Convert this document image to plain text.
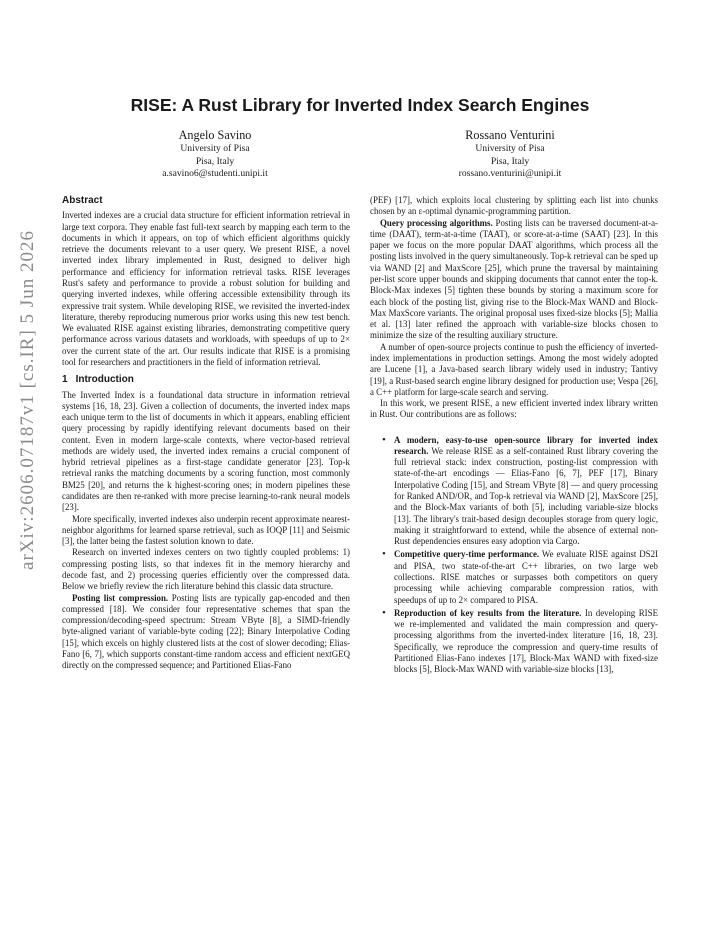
arXiv:2606.07187v1 [cs.IR] 5 Jun 2026
RISE: A Rust Library for Inverted Index Search Engines
Angelo Savino
University of Pisa
Pisa, Italy
a.savino6@studenti.unipi.it
Rossano Venturini
University of Pisa
Pisa, Italy
rossano.venturini@unipi.it
Abstract

Inverted indexes are a crucial data structure for efficient information retrieval in large text corpora. They enable fast full-text search by mapping each term to the documents in which it appears, on top of which efficient algorithms quickly retrieve the documents relevant to a user query. We present RISE, a novel inverted index library implemented in Rust, designed to deliver high performance and efficiency for information retrieval tasks. RISE leverages Rust's safety and performance to provide a robust solution for building and querying inverted indexes, while offering accessible extensibility through its expressive trait system. While developing RISE, we revisited the inverted-index literature, thereby reproducing numerous prior works using this new test bench. We evaluated RISE against existing libraries, demonstrating competitive query performance across various datasets and workloads, with speedups of up to 2× over the current state of the art. Our results indicate that RISE is a promising tool for researchers and practitioners in the field of information retrieval.

1 Introduction

The Inverted Index is a foundational data structure in information retrieval systems [16, 18, 23]. Given a collection of documents, the inverted index maps each unique term to the list of documents in which it appears, enabling efficient query processing by rapidly identifying relevant documents based on their content. Even in modern large-scale contexts, where vector-based retrieval methods are widely used, the inverted index remains a crucial component of hybrid retrieval pipelines as a first-stage candidate generator [23]. Top-k retrieval ranks the matching documents by a scoring function, most commonly BM25 [20], and returns the k highest-scoring ones; in modern pipelines these candidates are then re-ranked with more precise learning-to-rank neural models [23].

More specifically, inverted indexes also underpin recent approximate nearest-neighbor algorithms for learned sparse retrieval, such as IOQP [11] and Seismic [3], the latter being the fastest solution known to date.

Research on inverted indexes centers on two tightly coupled problems: 1) compressing posting lists, so that indexes fit in the memory hierarchy and decode fast, and 2) processing queries efficiently over the compressed data. Below we briefly review the rich literature behind this classic data structure.

Posting list compression. Posting lists are typically gap-encoded and then compressed [18]. We consider four representative schemes that span the compression/decoding-speed spectrum: Stream VByte [8], a SIMD-friendly byte-aligned variant of variable-byte coding [22]; Binary Interpolative Coding [15], which excels on highly clustered lists at the cost of slower decoding; Elias-Fano [6, 7], which supports constant-time random access and efficient nextGEQ directly on the compressed sequence; and Partitioned Elias-Fano

(PEF) [17], which exploits local clustering by splitting each list into chunks chosen by an ε-optimal dynamic-programming partition.

Query processing algorithms. Posting lists can be traversed document-at-a-time (DAAT), term-at-a-time (TAAT), or score-at-a-time (SAAT) [23]. In this paper we focus on the more popular DAAT algorithms, which process all the posting lists involved in the query simultaneously. Top-k retrieval can be sped up via WAND [2] and MaxScore [25], which prune the traversal by maintaining per-list score upper bounds and skipping documents that cannot enter the top-k. Block-Max indexes [5] tighten these bounds by storing a maximum score for each block of the posting list, giving rise to the Block-Max WAND and Block-Max MaxScore variants. The original proposal uses fixed-size blocks [5]; Mallia et al. [13] later refined the approach with variable-size blocks chosen to minimize the size of the resulting auxiliary structure.

A number of open-source projects continue to push the efficiency of inverted-index implementations in production settings. Among the most widely adopted are Lucene [1], a Java-based search library widely used in industry; Tantivy [19], a Rust-based search engine library designed for production use; Vespa [26], a C++ platform for large-scale search and serving.

In this work, we present RISE, a new efficient inverted index library written in Rust. Our contributions are as follows:

• A modern, easy-to-use open-source library for inverted index research. We release RISE as a self-contained Rust library covering the full retrieval stack: index construction, posting-list compression with state-of-the-art encodings — Elias-Fano [6, 7], PEF [17], Binary Interpolative Coding [15], and Stream VByte [8] — and query processing for Ranked AND/OR, and Top-k retrieval via WAND [2], MaxScore [25], and the Block-Max variants of both [5], including variable-size blocks [13]. The library's trait-based design decouples storage from query logic, making it straightforward to extend, while the absence of external non-Rust dependencies ensures easy adoption via Cargo.
• Competitive query-time performance. We evaluate RISE against DS2I and PISA, two state-of-the-art C++ libraries, on two large web collections. RISE matches or surpasses both competitors on query processing while achieving comparable compression ratios, with speedups of up to 2× compared to PISA.
• Reproduction of key results from the literature. In developing RISE we re-implemented and validated the main compression and query-processing algorithms from the inverted-index literature [16, 18, 23]. Specifically, we reproduce the compression and query-time results of Partitioned Elias-Fano indexes [17], Block-Max WAND with fixed-size blocks [5], Block-Max WAND with variable-size blocks [13],
